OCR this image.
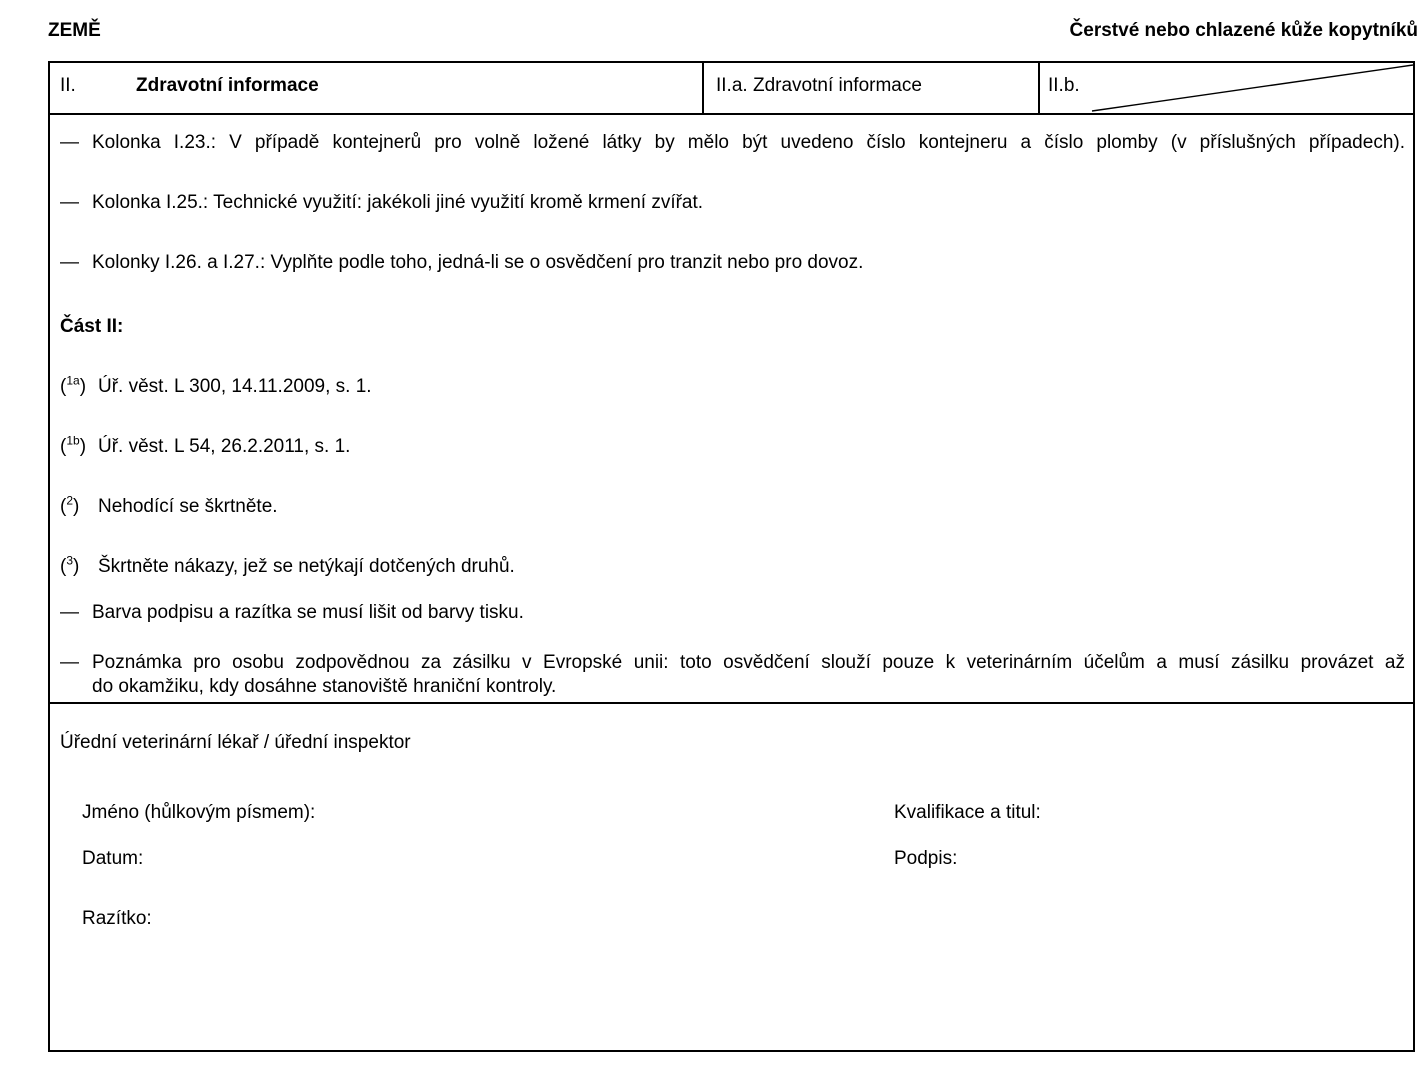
ZEMĚ	Čerstvé nebo chlazené kůže kopytníků
II.	Zdravotní informace	II.a. Zdravotní informace	II.b.
— Kolonka I.23.: V případě kontejnerů pro volně ložené látky by mělo být uvedeno číslo kontejneru a číslo plomby (v příslušných případech).
— Kolonka I.25.: Technické využití: jakékoli jiné využití kromě krmení zvířat.
— Kolonky I.26. a I.27.: Vyplňte podle toho, jedná-li se o osvědčení pro tranzit nebo pro dovoz.
Část II:
($^{1a}$) Úř. věst. L 300, 14.11.2009, s. 1.
($^{1b}$) Úř. věst. L 54, 26.2.2011, s. 1.
($^2$) Nehodící se škrtněte.
($^3$) Škrtněte nákazy, jež se netýkají dotčených druhů.
— Barva podpisu a razítka se musí lišit od barvy tisku.
— Poznámka pro osobu zodpovědnou za zásilku v Evropské unii: toto osvědčení slouží pouze k veterinárním účelům a musí zásilku provázet až
do okamžiku, kdy dosáhne stanoviště hraniční kontroly.
Úřední veterinární lékař / úřední inspektor
Jméno (hůlkovým písmem):	Kvalifikace a titul:
Datum:	Podpis:
Razítko:
